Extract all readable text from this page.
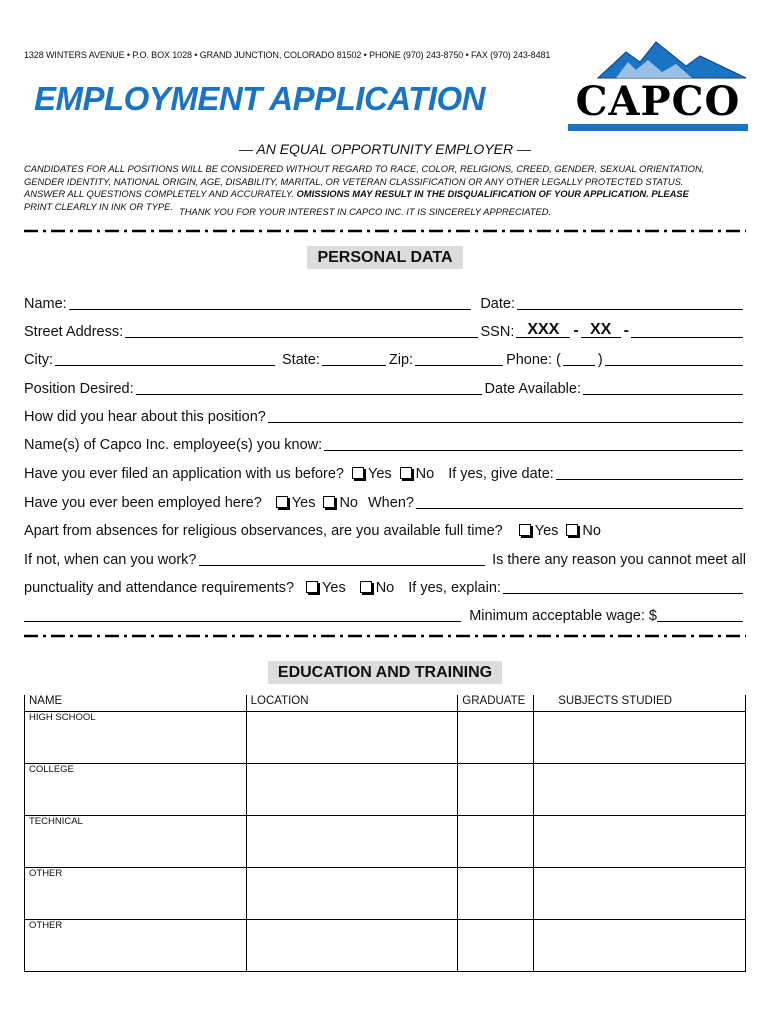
1328 WINTERS AVENUE • P.O. BOX 1028 • GRAND JUNCTION, COLORADO 81502 • PHONE (970) 243-8750 • FAX (970) 243-8481
EMPLOYMENT APPLICATION CAPCO
— AN EQUAL OPPORTUNITY EMPLOYER —

CANDIDATES FOR ALL POSITIONS WILL BE CONSIDERED WITHOUT REGARD TO RACE, COLOR, RELIGIONS, CREED, GENDER, SEXUAL ORIENTATION,

GENDER IDENTITY, NATIONAL ORIGIN, AGE, DISABILITY, MARITAL, OR VETERAN CLASSIFICATION OR ANY OTHER LEGALLY PROTECTED STATUS.

ANSWER ALL QUESTIONS COMPLETELY AND ACCURATELY. OMISSIONS MAY RESULT IN THE DISQUALIFICATION OF YOUR APPLICATION. PLEASE

PRINT CLEARLY IN INK OR TYPE. THANK YOU FOR YOUR INTEREST IN CAPCO INC. IT IS SINCERELY APPRECIATED.

PERSONAL DATA
Name:	Date:
Street Address:	SSN: XXX - XX -
City:	State:	Zip:	Phone: (	)
Position Desired:	Date Available:
How did you hear about this position?
Name(s) of Capco Inc. employee(s) you know:
Have you ever filed an application with us before? Yes No If yes, give date:
Have you ever been employed here? Yes No When?
Apart from absences for religious observances, are you available full time? Yes No
If not, when can you work?	Is there any reason you cannot meet all
punctuality and attendance requirements? Yes No If yes, explain:
Minimum acceptable wage: $
EDUCATION AND TRAINING
NAME	LOCATION	GRADUATE	SUBJECTS STUDIED
HIGH SCHOOL			
COLLEGE			
TECHNICAL			
OTHER			
OTHER			
